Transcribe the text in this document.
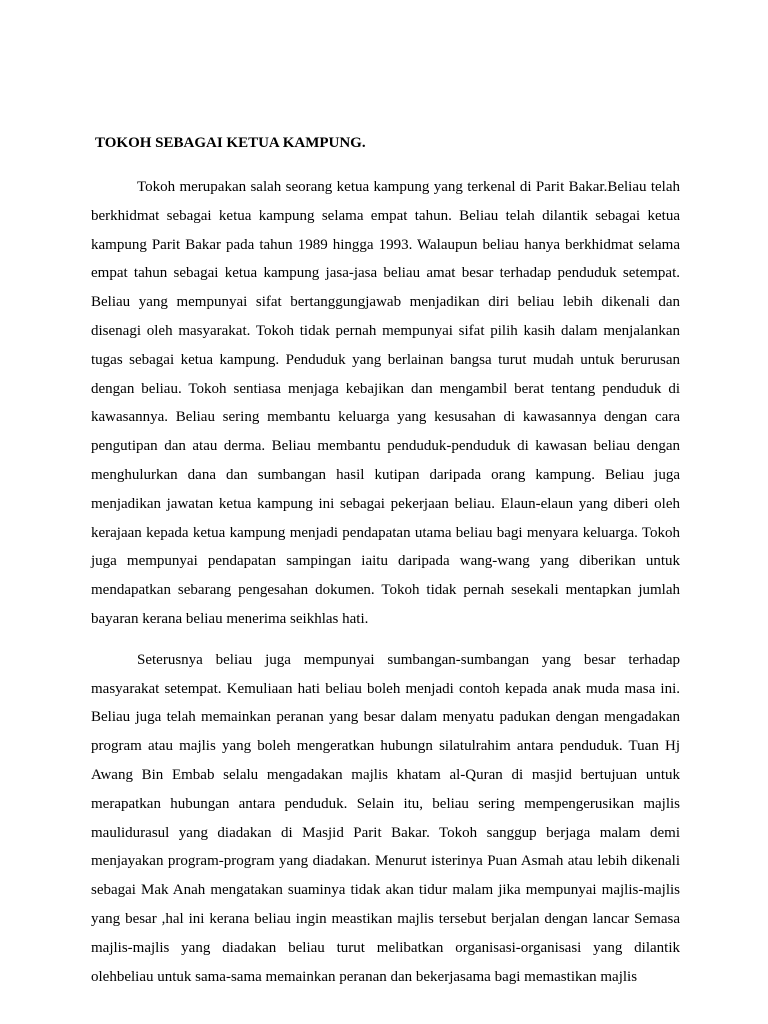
TOKOH SEBAGAI KETUA KAMPUNG.

Tokoh merupakan salah seorang ketua kampung yang terkenal di Parit Bakar.Beliau telah berkhidmat sebagai ketua kampung selama empat tahun. Beliau telah dilantik sebagai ketua kampung Parit Bakar pada tahun 1989 hingga 1993. Walaupun beliau hanya berkhidmat selama empat tahun sebagai ketua kampung jasa-jasa beliau amat besar terhadap penduduk setempat. Beliau yang mempunyai sifat bertanggungjawab menjadikan diri beliau lebih dikenali dan disenagi oleh masyarakat. Tokoh tidak pernah mempunyai sifat pilih kasih dalam menjalankan tugas sebagai ketua kampung. Penduduk yang berlainan bangsa turut mudah untuk berurusan dengan beliau. Tokoh sentiasa menjaga kebajikan dan mengambil berat tentang penduduk di kawasannya. Beliau sering membantu keluarga yang kesusahan di kawasannya dengan cara pengutipan dan atau derma. Beliau membantu penduduk-penduduk di kawasan beliau dengan menghulurkan dana dan sumbangan hasil kutipan daripada orang kampung. Beliau juga menjadikan jawatan ketua kampung ini sebagai pekerjaan beliau. Elaun-elaun yang diberi oleh kerajaan kepada ketua kampung menjadi pendapatan utama beliau bagi menyara keluarga. Tokoh juga mempunyai pendapatan sampingan iaitu daripada wang-wang yang diberikan untuk mendapatkan sebarang pengesahan dokumen. Tokoh tidak pernah sesekali mentapkan jumlah bayaran kerana beliau menerima seikhlas hati.

Seterusnya beliau juga mempunyai sumbangan-sumbangan yang besar terhadap masyarakat setempat. Kemuliaan hati beliau boleh menjadi contoh kepada anak muda masa ini. Beliau juga telah memainkan peranan yang besar dalam menyatu padukan dengan mengadakan program atau majlis yang boleh mengeratkan hubungn silatulrahim antara penduduk. Tuan Hj Awang Bin Embab selalu mengadakan majlis khatam al-Quran di masjid bertujuan untuk merapatkan hubungan antara penduduk. Selain itu, beliau sering mempengerusikan majlis maulidurasul yang diadakan di Masjid Parit Bakar. Tokoh sanggup berjaga malam demi menjayakan program-program yang diadakan. Menurut isterinya Puan Asmah atau lebih dikenali sebagai Mak Anah mengatakan suaminya tidak akan tidur malam jika mempunyai majlis-majlis yang besar ,hal ini kerana beliau ingin meastikan majlis tersebut berjalan dengan lancar Semasa majlis-majlis yang diadakan beliau turut melibatkan organisasi-organisasi yang dilantik olehbeliau untuk sama-sama memainkan peranan dan bekerjasama bagi memastikan majlis
